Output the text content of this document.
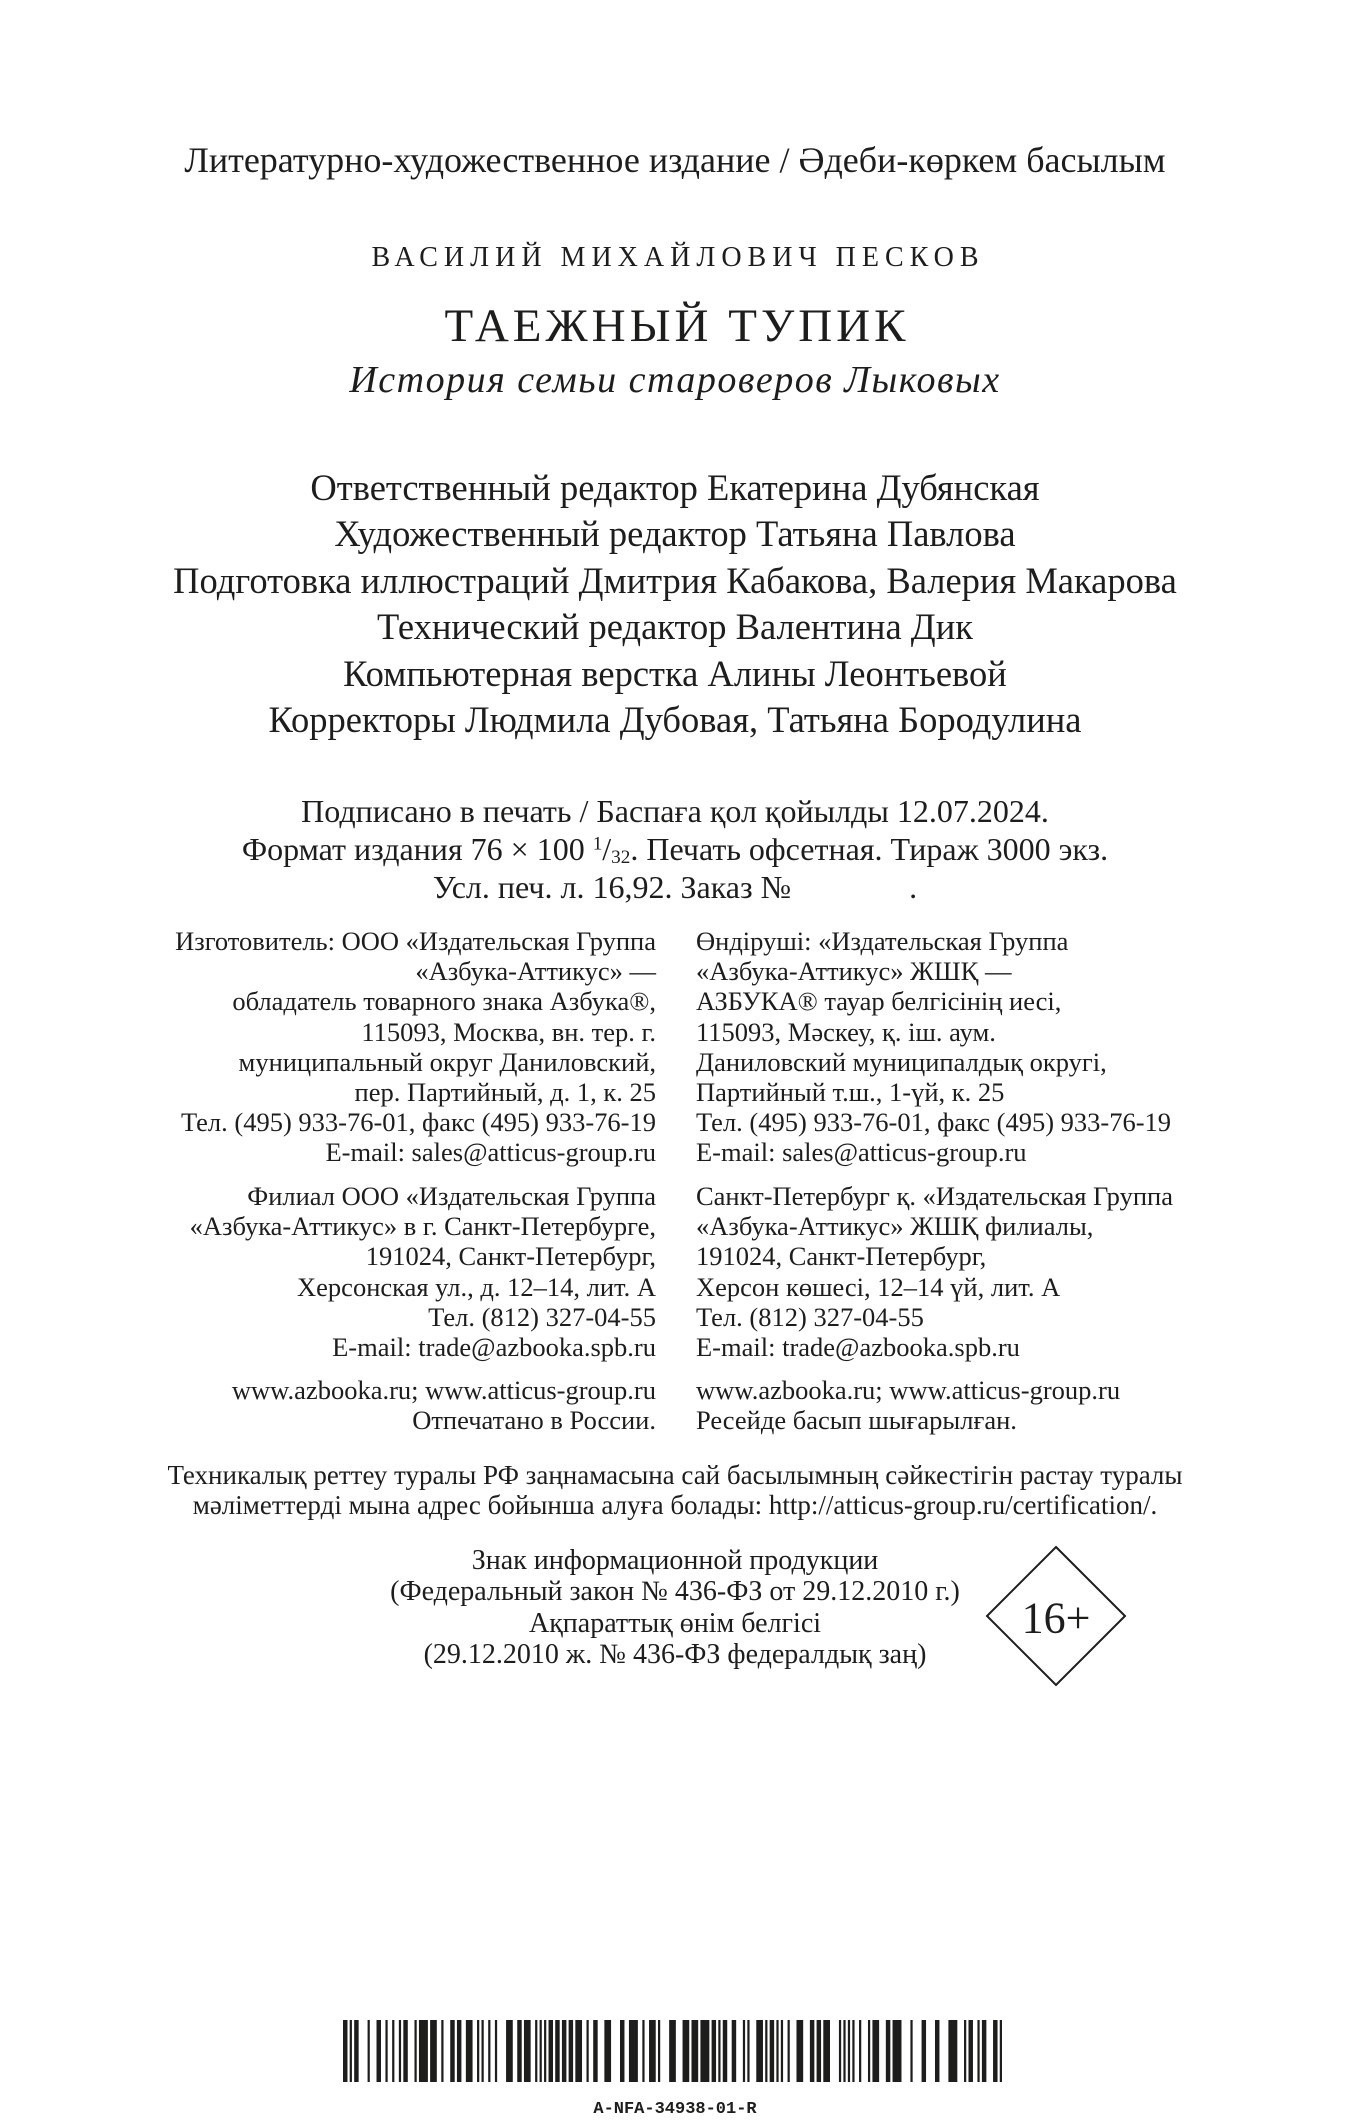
Литературно-художественное издание / Әдеби-көркем басылым
ВАСИЛИЙ МИХАЙЛОВИЧ ПЕСКОВ
ТАЕЖНЫЙ ТУПИК
История семьи староверов Лыковых
Ответственный редактор Екатерина Дубянская
Художественный редактор Татьяна Павлова
Подготовка иллюстраций Дмитрия Кабакова, Валерия Макарова
Технический редактор Валентина Дик
Компьютерная верстка Алины Леонтьевой
Корректоры Людмила Дубовая, Татьяна Бородулина
Подписано в печать / Баспаға қол қойылды 12.07.2024.
Формат издания 76 × 100 $^1/_{32}$. Печать офсетная. Тираж 3000 экз.
Усл. печ. л. 16,92. Заказ №	.
Изготовитель: ООО «Издательская Группа
«Азбука-Аттикус» —
обладатель товарного знака Азбука®,
115093, Москва, вн. тер. г.
муниципальный округ Даниловский,
пер. Партийный, д. 1, к. 25
Тел. (495) 933-76-01, факс (495) 933-76-19
E-mail: sales@atticus-group.ru
Филиал ООО «Издательская Группа
«Азбука-Аттикус» в г. Санкт-Петербурге,
191024, Санкт-Петербург,
Херсонская ул., д. 12–14, лит. А
Тел. (812) 327-04-55
E-mail: trade@azbooka.spb.ru
www.azbooka.ru; www.atticus-group.ru
Отпечатано в России.
Өндіруші: «Издательская Группа
«Азбука-Аттикус» ЖШҚ —
АЗБУКА® тауар белгісінің иесі,
115093, Мәскеу, қ. іш. аум.
Даниловский муниципалдық округі,
Партийный т.ш., 1-үй, к. 25
Тел. (495) 933-76-01, факс (495) 933-76-19
E-mail: sales@atticus-group.ru
Санкт-Петербург қ. «Издательская Группа
«Азбука-Аттикус» ЖШҚ филиалы,
191024, Санкт-Петербург,
Херсон көшесі, 12–14 үй, лит. А
Тел. (812) 327-04-55
E-mail: trade@azbooka.spb.ru
www.azbooka.ru; www.atticus-group.ru
Ресейде басып шығарылған.
Техникалық реттеу туралы РФ заңнамасына сай басылымның сәйкестігін растау туралы
мәліметтерді мына адрес бойынша алуға болады: http://atticus-group.ru/certification/.
Знак информационной продукции
(Федеральный закон № 436-ФЗ от 29.12.2010 г.)
Ақпараттық өнім белгісі
(29.12.2010 ж. № 436-ФЗ федералдық заң)
16+
A-NFA-34938-01-R
